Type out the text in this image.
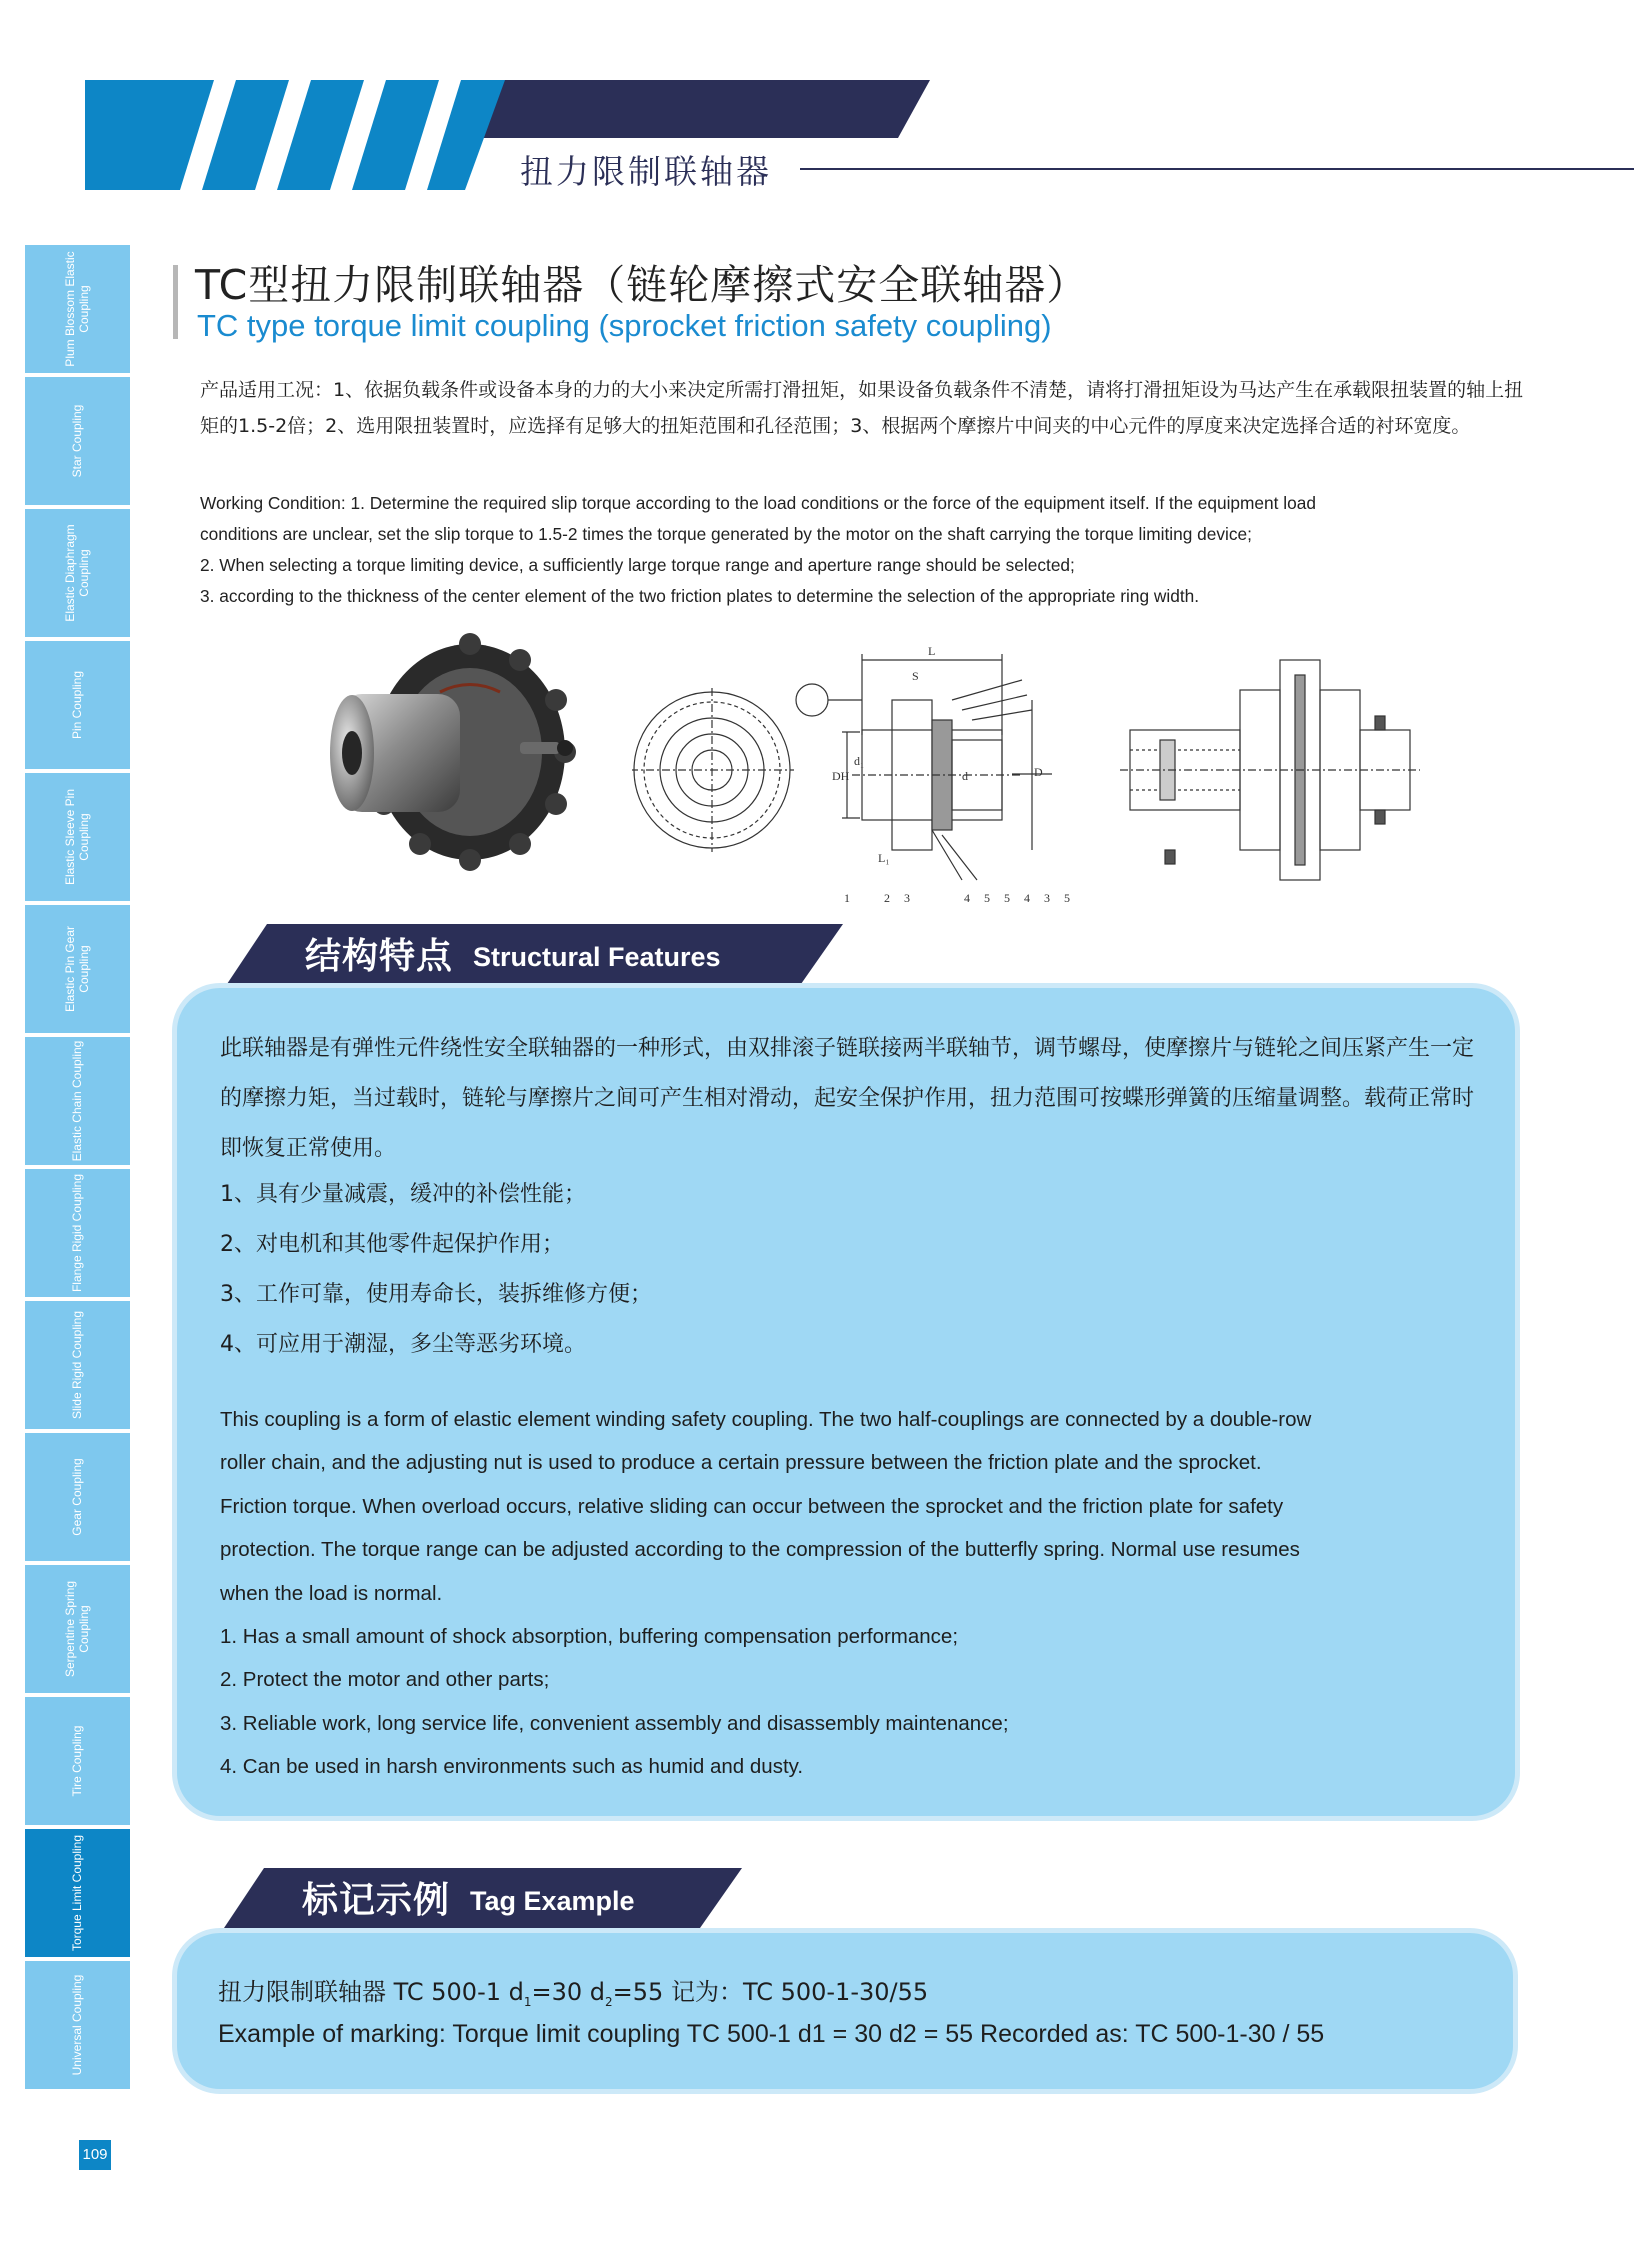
扭力限制联轴器
Plum Blossom Elastic Coupling
Star Coupling
Elastic Diaphragm Coupling
Pin Coupling
Elastic Sleeve Pin Coupling
Elastic Pin Gear Coupling
Elastic Chain Coupling
Flange Rigid Coupling
Slide Rigid Coupling
Gear Coupling
Serpentine Spring Coupling
Tire Coupling
Torque Limit Coupling
Universal Coupling
109
TC型扭力限制联轴器（链轮摩擦式安全联轴器）
TC type torque limit coupling (sprocket friction safety coupling)
产品适用工况：1、依据负载条件或设备本身的力的大小来决定所需打滑扭矩，如果设备负载条件不清楚，请将打滑扭矩设为马达产生在承载限扭装置的轴上扭矩的1.5-2倍；2、选用限扭装置时，应选择有足够大的扭矩范围和孔径范围；3、根据两个摩擦片中间夹的中心元件的厚度来决定选择合适的衬环宽度。
Working Condition: 1. Determine the required slip torque according to the load conditions or the force of the equipment itself. If the equipment load
conditions are unclear, set the slip torque to 1.5-2 times the torque generated by the motor on the shaft carrying the torque limiting device;
2. When selecting a torque limiting device, a sufficiently large torque range and aperture range should be selected;
3. according to the thickness of the center element of the two friction plates to determine the selection of the appropriate ring width.
L
D
DH
d₁
d
S
L₁
1	2 3	4 5 5 4 3 5
结构特点 Structural Features
此联轴器是有弹性元件绕性安全联轴器的一种形式，由双排滚子链联接两半联轴节，调节螺母，使摩擦片与链轮之间压紧产生一定的摩擦力矩，当过载时，链轮与摩擦片之间可产生相对滑动，起安全保护作用，扭力范围可按蝶形弹簧的压缩量调整。载荷正常时即恢复正常使用。
1、具有少量减震，缓冲的补偿性能；
2、对电机和其他零件起保护作用；
3、工作可靠，使用寿命长，装拆维修方便；
4、可应用于潮湿，多尘等恶劣环境。
This coupling is a form of elastic element winding safety coupling. The two half-couplings are connected by a double-row
roller chain, and the adjusting nut is used to produce a certain pressure between the friction plate and the sprocket.
Friction torque. When overload occurs, relative sliding can occur between the sprocket and the friction plate for safety
protection. The torque range can be adjusted according to the compression of the butterfly spring. Normal use resumes
when the load is normal.
1. Has a small amount of shock absorption, buffering compensation performance;
2. Protect the motor and other parts;
3. Reliable work, long service life, convenient assembly and disassembly maintenance;
4. Can be used in harsh environments such as humid and dusty.
标记示例 Tag Example
扭力限制联轴器 TC 500-1 $d_1=30$ $d_2=55$ 记为：TC 500-1-30/55
Example of marking: Torque limit coupling TC 500-1 d1 = 30 d2 = 55 Recorded as: TC 500-1-30 / 55
